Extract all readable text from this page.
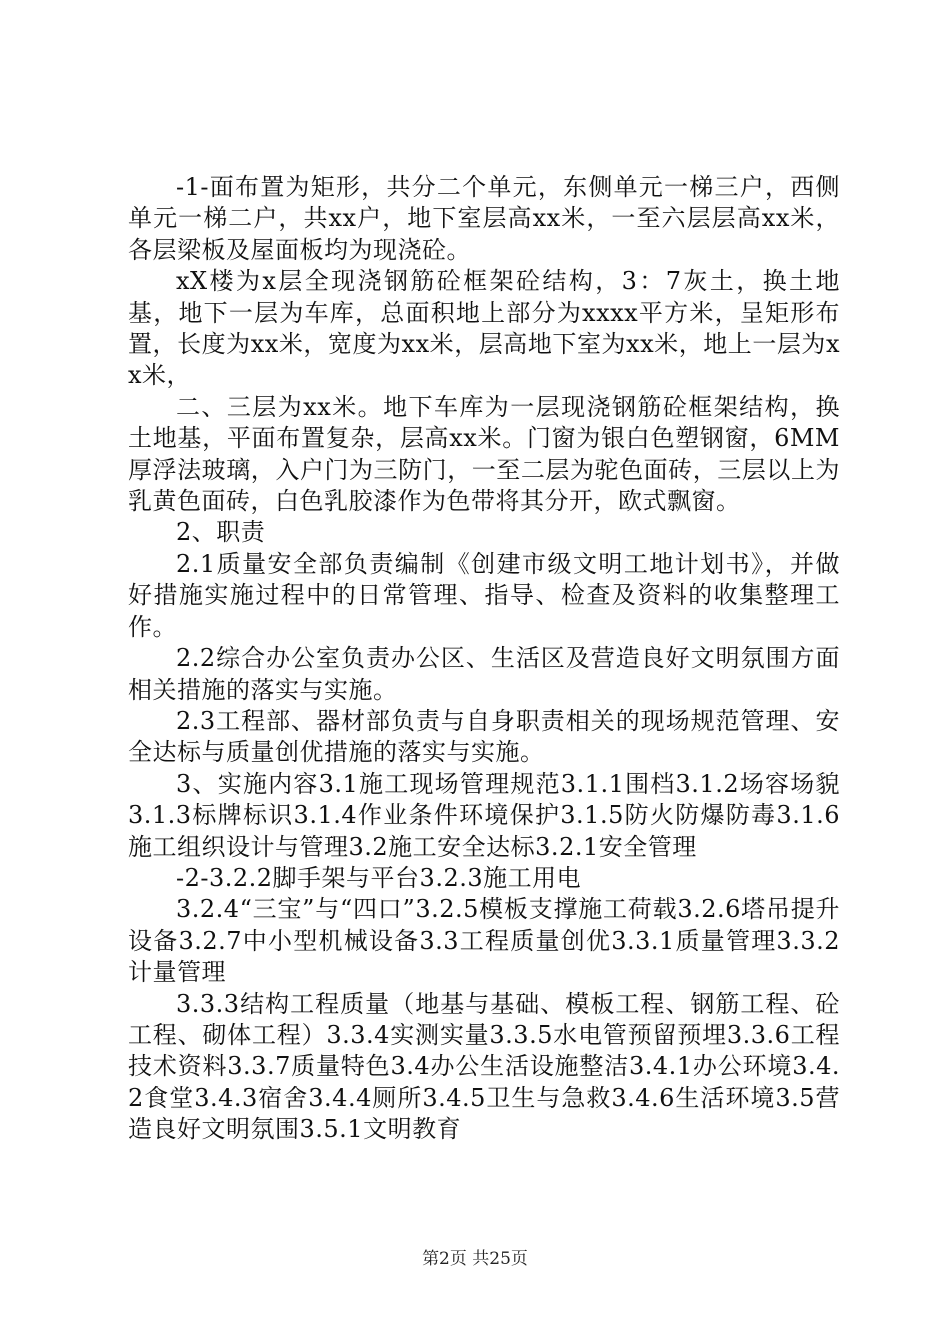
-1-面布置为矩形，共分二个单元，东侧单元一梯三户，西侧单元一梯二户，共xx户，地下室层高xx米，一至六层层高xx米，各层梁板及屋面板均为现浇砼。

xX楼为x层全现浇钢筋砼框架砼结构，3：7灰土，换土地基，地下一层为车库，总面积地上部分为xxxx平方米，呈矩形布置，长度为xx米，宽度为xx米，层高地下室为xx米，地上一层为xx米，

二、三层为xx米。地下车库为一层现浇钢筋砼框架结构，换土地基，平面布置复杂，层高xx米。门窗为银白色塑钢窗，6MM厚浮法玻璃，入户门为三防门，一至二层为驼色面砖，三层以上为乳黄色面砖，白色乳胶漆作为色带将其分开，欧式飘窗。

2、职责

2.1质量安全部负责编制《创建市级文明工地计划书》，并做好措施实施过程中的日常管理、指导、检查及资料的收集整理工作。

2.2综合办公室负责办公区、生活区及营造良好文明氛围方面相关措施的落实与实施。

2.3工程部、器材部负责与自身职责相关的现场规范管理、安全达标与质量创优措施的落实与实施。

3、实施内容3.1施工现场管理规范3.1.1围档3.1.2场容场貌3.1.3标牌标识3.1.4作业条件环境保护3.1.5防火防爆防毒3.1.6施工组织设计与管理3.2施工安全达标3.2.1安全管理

-2-3.2.2脚手架与平台3.2.3施工用电

3.2.4“三宝”与“四口”3.2.5模板支撑施工荷载3.2.6塔吊提升设备3.2.7中小型机械设备3.3工程质量创优3.3.1质量管理3.3.2计量管理

3.3.3结构工程质量（地基与基础、模板工程、钢筋工程、砼工程、砌体工程）3.3.4实测实量3.3.5水电管预留预埋3.3.6工程技术资料3.3.7质量特色3.4办公生活设施整洁3.4.1办公环境3.4.2食堂3.4.3宿舍3.4.4厕所3.4.5卫生与急救3.4.6生活环境3.5营造良好文明氛围3.5.1文明教育

第2页 共25页
